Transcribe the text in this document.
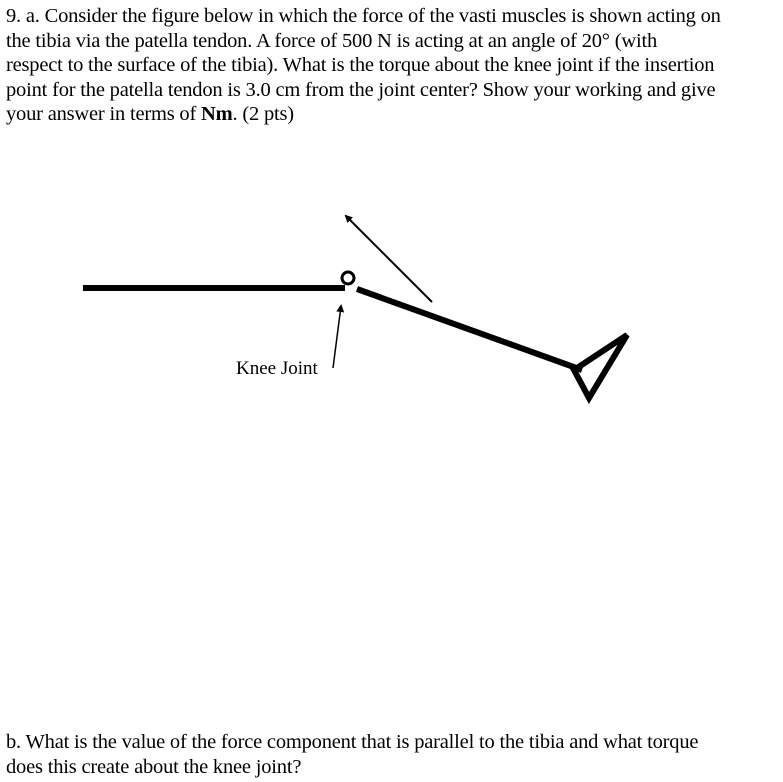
9. a. Consider the figure below in which the force of the vasti muscles is shown acting on
the tibia via the patella tendon. A force of 500 N is acting at an angle of 20° (with
respect to the surface of the tibia). What is the torque about the knee joint if the insertion
point for the patella tendon is 3.0 cm from the joint center? Show your working and give
your answer in terms of Nm. (2 pts)
Knee Joint
b. What is the value of the force component that is parallel to the tibia and what torque
does this create about the knee joint?
